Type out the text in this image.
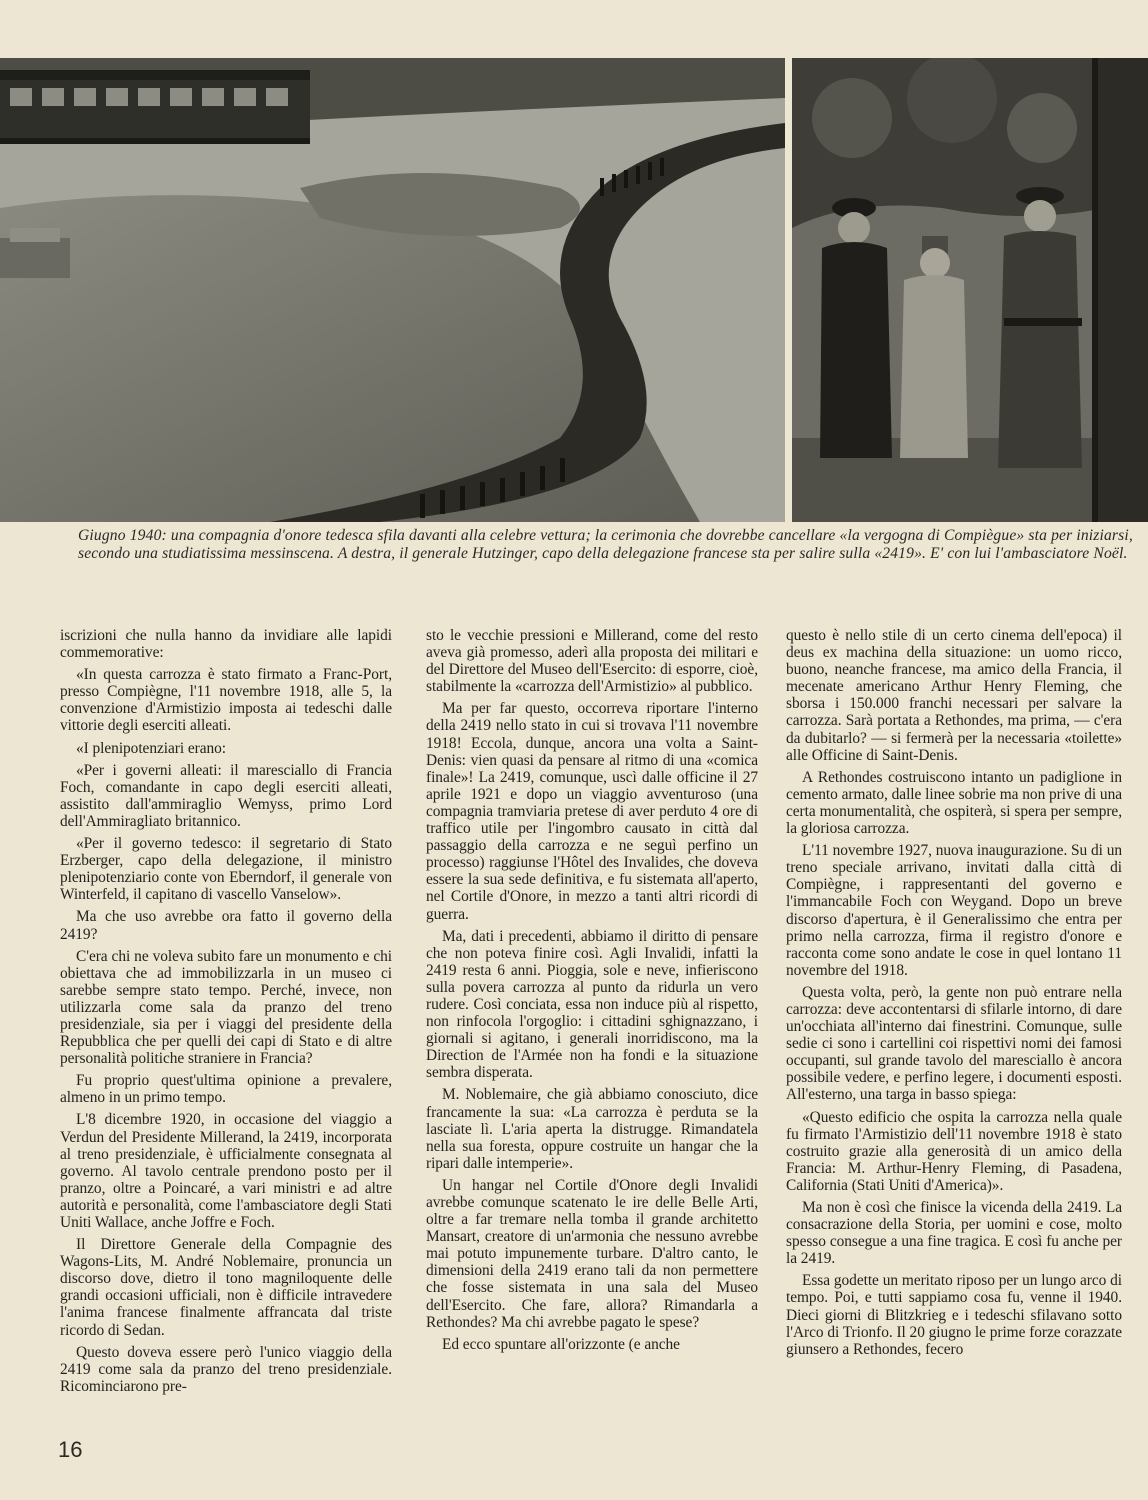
Giugno 1940: una compagnia d'onore tedesca sfila davanti alla celebre vettura; la cerimonia che dovrebbe cancellare «la vergogna di Compiègue» sta per iniziarsi, secondo una studiatissima messinscena. A destra, il generale Hutzinger, capo della delegazione francese sta per salire sulla «2419». E' con lui l'ambasciatore Noël.

iscrizioni che nulla hanno da invidiare alle lapidi commemorative:

«In questa carrozza è stato firmato a Franc-Port, presso Compiègne, l'11 novembre 1918, alle 5, la convenzione d'Armistizio imposta ai tedeschi dalle vittorie degli eserciti alleati.

«I plenipotenziari erano:

«Per i governi alleati: il maresciallo di Francia Foch, comandante in capo degli eserciti alleati, assistito dall'ammiraglio Wemyss, primo Lord dell'Ammiragliato britannico.

«Per il governo tedesco: il segretario di Stato Erzberger, capo della delegazione, il ministro plenipotenziario conte von Eberndorf, il generale von Winterfeld, il capitano di vascello Vanselow».

Ma che uso avrebbe ora fatto il governo della 2419?

C'era chi ne voleva subito fare un monumento e chi obiettava che ad immobilizzarla in un museo ci sarebbe sempre stato tempo. Perché, invece, non utilizzarla come sala da pranzo del treno presidenziale, sia per i viaggi del presidente della Repubblica che per quelli dei capi di Stato e di altre personalità politiche straniere in Francia?

Fu proprio quest'ultima opinione a prevalere, almeno in un primo tempo.

L'8 dicembre 1920, in occasione del viaggio a Verdun del Presidente Millerand, la 2419, incorporata al treno presidenziale, è ufficialmente consegnata al governo. Al tavolo centrale prendono posto per il pranzo, oltre a Poincaré, a vari ministri e ad altre autorità e personalità, come l'ambasciatore degli Stati Uniti Wallace, anche Joffre e Foch.

Il Direttore Generale della Compagnie des Wagons-Lits, M. André Noblemaire, pronuncia un discorso dove, dietro il tono magniloquente delle grandi occasioni ufficiali, non è difficile intravedere l'anima francese finalmente affrancata dal triste ricordo di Sedan.

Questo doveva essere però l'unico viaggio della 2419 come sala da pranzo del treno presidenziale. Ricominciarono pre-

sto le vecchie pressioni e Millerand, come del resto aveva già promesso, aderì alla proposta dei militari e del Direttore del Museo dell'Esercito: di esporre, cioè, stabilmente la «carrozza dell'Armistizio» al pubblico.

Ma per far questo, occorreva riportare l'interno della 2419 nello stato in cui si trovava l'11 novembre 1918! Eccola, dunque, ancora una volta a Saint-Denis: vien quasi da pensare al ritmo di una «comica finale»! La 2419, comunque, uscì dalle officine il 27 aprile 1921 e dopo un viaggio avventuroso (una compagnia tramviaria pretese di aver perduto 4 ore di traffico utile per l'ingombro causato in città dal passaggio della carrozza e ne seguì perfino un processo) raggiunse l'Hôtel des Invalides, che doveva essere la sua sede definitiva, e fu sistemata all'aperto, nel Cortile d'Onore, in mezzo a tanti altri ricordi di guerra.

Ma, dati i precedenti, abbiamo il diritto di pensare che non poteva finire così. Agli Invalidi, infatti la 2419 resta 6 anni. Pioggia, sole e neve, infieriscono sulla povera carrozza al punto da ridurla un vero rudere. Così conciata, essa non induce più al rispetto, non rinfocola l'orgoglio: i cittadini sghignazzano, i giornali si agitano, i generali inorridiscono, ma la Direction de l'Armée non ha fondi e la situazione sembra disperata.

M. Noblemaire, che già abbiamo conosciuto, dice francamente la sua: «La carrozza è perduta se la lasciate lì. L'aria aperta la distrugge. Rimandatela nella sua foresta, oppure costruite un hangar che la ripari dalle intemperie».

Un hangar nel Cortile d'Onore degli Invalidi avrebbe comunque scatenato le ire delle Belle Arti, oltre a far tremare nella tomba il grande architetto Mansart, creatore di un'armonia che nessuno avrebbe mai potuto impunemente turbare. D'altro canto, le dimensioni della 2419 erano tali da non permettere che fosse sistemata in una sala del Museo dell'Esercito. Che fare, allora? Rimandarla a Rethondes? Ma chi avrebbe pagato le spese?

Ed ecco spuntare all'orizzonte (e anche

questo è nello stile di un certo cinema dell'epoca) il deus ex machina della situazione: un uomo ricco, buono, neanche francese, ma amico della Francia, il mecenate americano Arthur Henry Fleming, che sborsa i 150.000 franchi necessari per salvare la carrozza. Sarà portata a Rethondes, ma prima, — c'era da dubitarlo? — si fermerà per la necessaria «toilette» alle Officine di Saint-Denis.

A Rethondes costruiscono intanto un padiglione in cemento armato, dalle linee sobrie ma non prive di una certa monumentalità, che ospiterà, si spera per sempre, la gloriosa carrozza.

L'11 novembre 1927, nuova inaugurazione. Su di un treno speciale arrivano, invitati dalla città di Compiègne, i rappresentanti del governo e l'immancabile Foch con Weygand. Dopo un breve discorso d'apertura, è il Generalissimo che entra per primo nella carrozza, firma il registro d'onore e racconta come sono andate le cose in quel lontano 11 novembre del 1918.

Questa volta, però, la gente non può entrare nella carrozza: deve accontentarsi di sfilarle intorno, di dare un'occhiata all'interno dai finestrini. Comunque, sulle sedie ci sono i cartellini coi rispettivi nomi dei famosi occupanti, sul grande tavolo del maresciallo è ancora possibile vedere, e perfino legere, i documenti esposti. All'esterno, una targa in basso spiega:

«Questo edificio che ospita la carrozza nella quale fu firmato l'Armistizio dell'11 novembre 1918 è stato costruito grazie alla generosità di un amico della Francia: M. Arthur-Henry Fleming, di Pasadena, California (Stati Uniti d'America)».

Ma non è così che finisce la vicenda della 2419. La consacrazione della Storia, per uomini e cose, molto spesso consegue a una fine tragica. E così fu anche per la 2419.

Essa godette un meritato riposo per un lungo arco di tempo. Poi, e tutti sappiamo cosa fu, venne il 1940. Dieci giorni di Blitzkrieg e i tedeschi sfilavano sotto l'Arco di Trionfo. Il 20 giugno le prime forze corazzate giunsero a Rethondes, fecero

16
